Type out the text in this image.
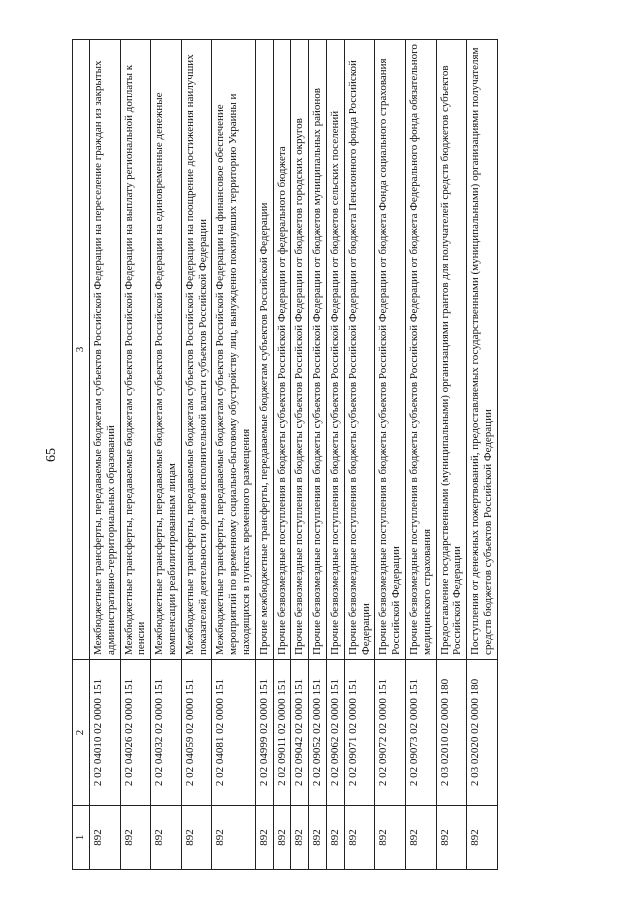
65
1	2	3
892	2 02 04010 02 0000 151	Межбюджетные трансферты, передаваемые бюджетам субъектов Российской Федерации на переселение граждан из закрытых административно-территориальных образований
892	2 02 04026 02 0000 151	Межбюджетные трансферты, передаваемые бюджетам субъектов Российской Федерации на выплату региональной доплаты к пенсии
892	2 02 04032 02 0000 151	Межбюджетные трансферты, передаваемые бюджетам субъектов Российской Федерации на единовременные денежные компенсации реабилитированным лицам
892	2 02 04059 02 0000 151	Межбюджетные трансферты, передаваемые бюджетам субъектов Российской Федерации на поощрение достижения наилучших показателей деятельности органов исполнительной власти субъектов Российской Федерации
892	2 02 04081 02 0000 151	Межбюджетные трансферты, передаваемые бюджетам субъектов Российской Федерации на финансовое обеспечение мероприятий по временному социально-бытовому обустройству лиц, вынужденно покинувших территорию Украины и находящихся в пунктах временного размещения
892	2 02 04999 02 0000 151	Прочие межбюджетные трансферты, передаваемые бюджетам субъектов Российской Федерации
892	2 02 09011 02 0000 151	Прочие безвозмездные поступления в бюджеты субъектов Российской Федерации от федерального бюджета
892	2 02 09042 02 0000 151	Прочие безвозмездные поступления в бюджеты субъектов Российской Федерации от бюджетов городских округов
892	2 02 09052 02 0000 151	Прочие безвозмездные поступления в бюджеты субъектов Российской Федерации от бюджетов муниципальных районов
892	2 02 09062 02 0000 151	Прочие безвозмездные поступления в бюджеты субъектов Российской Федерации от бюджетов сельских поселений
892	2 02 09071 02 0000 151	Прочие безвозмездные поступления в бюджеты субъектов Российской Федерации от бюджета Пенсионного фонда Российской Федерации
892	2 02 09072 02 0000 151	Прочие безвозмездные поступления в бюджеты субъектов Российской Федерации от бюджета Фонда социального страхования Российской Федерации
892	2 02 09073 02 0000 151	Прочие безвозмездные поступления в бюджеты субъектов Российской Федерации от бюджета Федерального фонда обязательного медицинского страхования
892	2 03 02010 02 0000 180	Предоставление государственными (муниципальными) организациями грантов для получателей средств бюджетов субъектов Российской Федерации
892	2 03 02020 02 0000 180	Поступления от денежных пожертвований, предоставляемых государственными (муниципальными) организациями получателям средств бюджетов субъектов Российской Федерации
